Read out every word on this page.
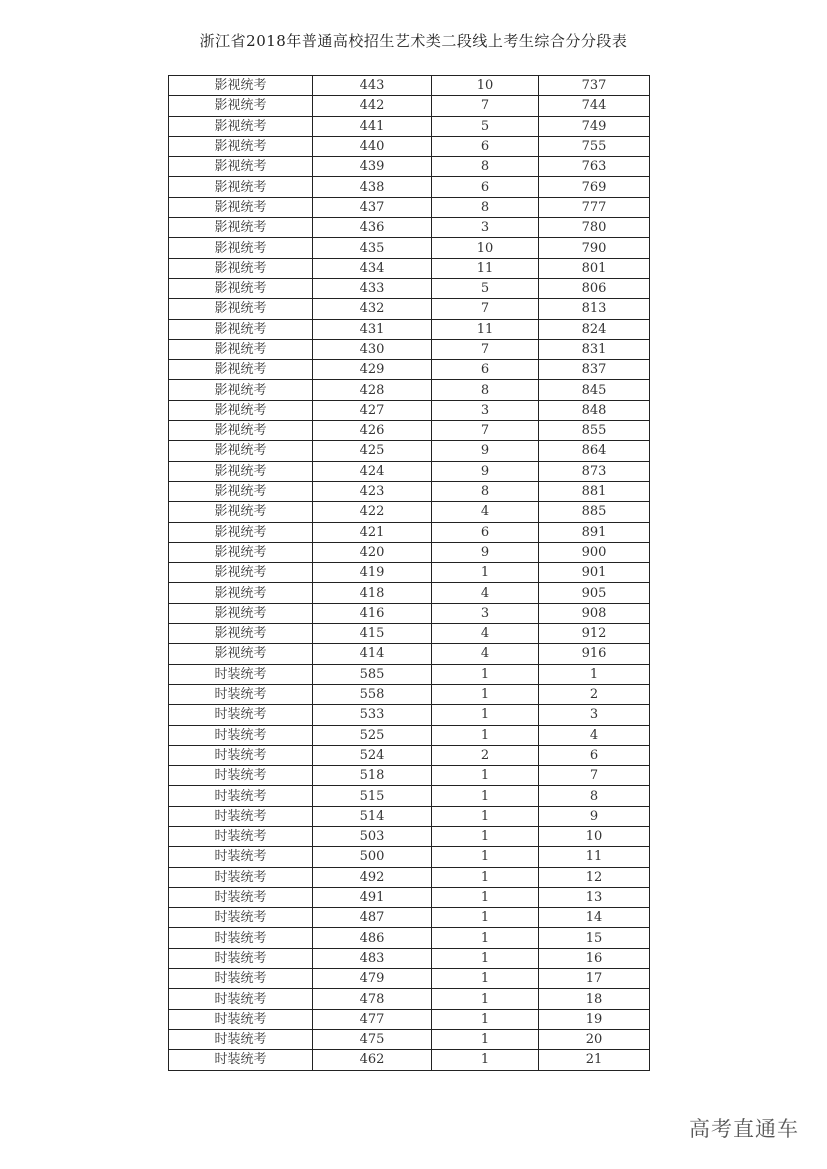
浙江省2018年普通高校招生艺术类二段线上考生综合分分段表
影视统考	443	10	737
影视统考	442	7	744
影视统考	441	5	749
影视统考	440	6	755
影视统考	439	8	763
影视统考	438	6	769
影视统考	437	8	777
影视统考	436	3	780
影视统考	435	10	790
影视统考	434	11	801
影视统考	433	5	806
影视统考	432	7	813
影视统考	431	11	824
影视统考	430	7	831
影视统考	429	6	837
影视统考	428	8	845
影视统考	427	3	848
影视统考	426	7	855
影视统考	425	9	864
影视统考	424	9	873
影视统考	423	8	881
影视统考	422	4	885
影视统考	421	6	891
影视统考	420	9	900
影视统考	419	1	901
影视统考	418	4	905
影视统考	416	3	908
影视统考	415	4	912
影视统考	414	4	916
时装统考	585	1	1
时装统考	558	1	2
时装统考	533	1	3
时装统考	525	1	4
时装统考	524	2	6
时装统考	518	1	7
时装统考	515	1	8
时装统考	514	1	9
时装统考	503	1	10
时装统考	500	1	11
时装统考	492	1	12
时装统考	491	1	13
时装统考	487	1	14
时装统考	486	1	15
时装统考	483	1	16
时装统考	479	1	17
时装统考	478	1	18
时装统考	477	1	19
时装统考	475	1	20
时装统考	462	1	21
高考直通车
